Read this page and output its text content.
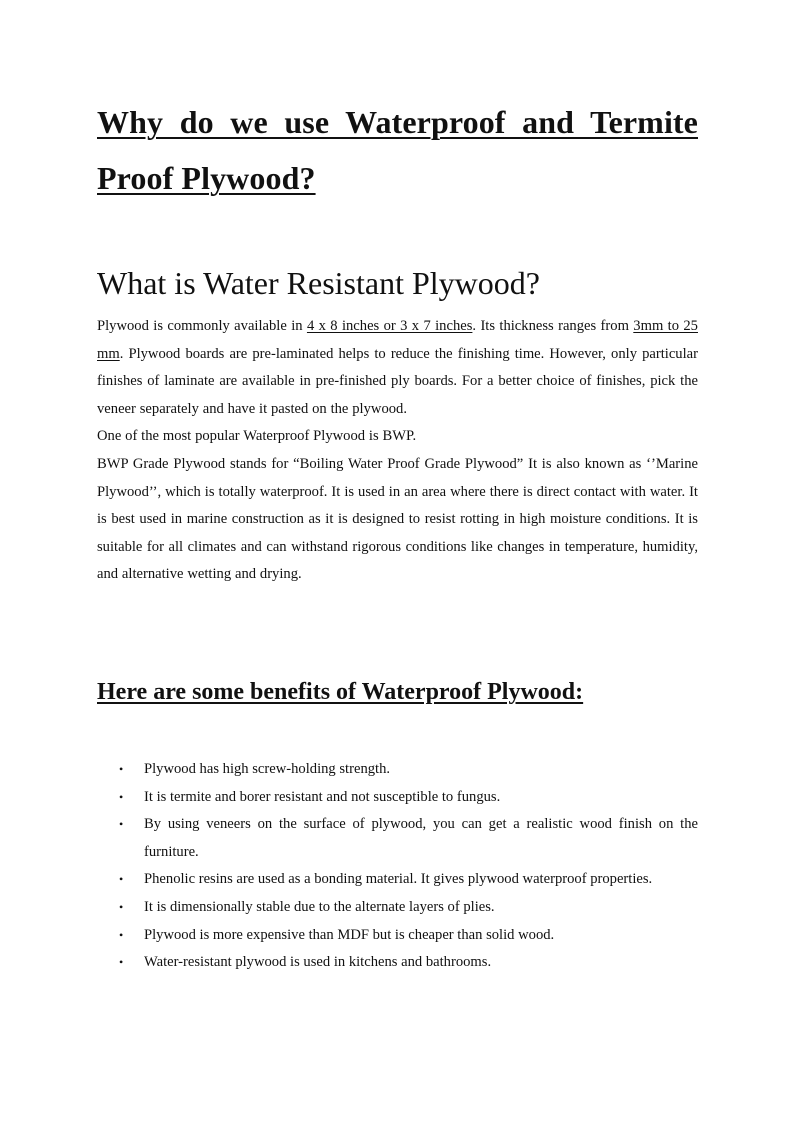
Why do we use Waterproof and Termite Proof Plywood?
What is Water Resistant Plywood?

Plywood is commonly available in 4 x 8 inches or 3 x 7 inches. Its thickness ranges from 3mm to 25 mm. Plywood boards are pre-laminated helps to reduce the finishing time. However, only particular finishes of laminate are available in pre-finished ply boards. For a better choice of finishes, pick the veneer separately and have it pasted on the plywood.

One of the most popular Waterproof Plywood is BWP.

BWP Grade Plywood stands for “Boiling Water Proof Grade Plywood” It is also known as ‘’Marine Plywood’’, which is totally waterproof. It is used in an area where there is direct contact with water. It is best used in marine construction as it is designed to resist rotting in high moisture conditions. It is suitable for all climates and can withstand rigorous conditions like changes in temperature, humidity, and alternative wetting and drying.

Here are some benefits of Waterproof Plywood:
• Plywood has high screw-holding strength.
• It is termite and borer resistant and not susceptible to fungus.
• By using veneers on the surface of plywood, you can get a realistic wood finish on the furniture.
• Phenolic resins are used as a bonding material. It gives plywood waterproof properties.
• It is dimensionally stable due to the alternate layers of plies.
• Plywood is more expensive than MDF but is cheaper than solid wood.
• Water-resistant plywood is used in kitchens and bathrooms.
